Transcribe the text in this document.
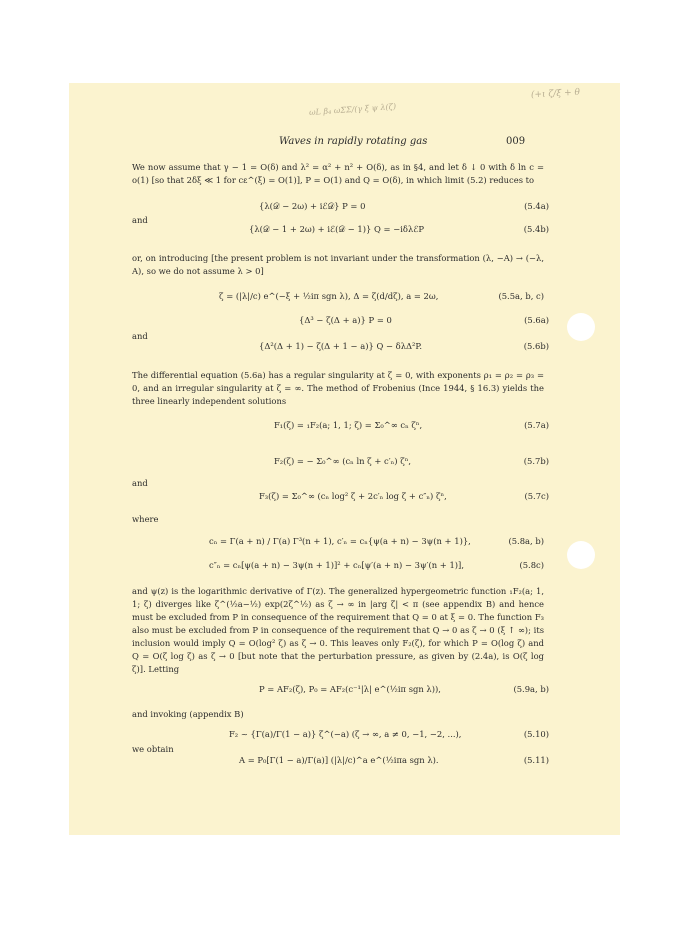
(+ι ζ/ξ + θ
ωL β₄ ωΣΣ/(γ ξ ψ λ(ζ)
Waves in rapidly rotating gas	009
We now assume that γ − 1 = O(δ) and λ² = α² + n² + O(δ), as in §4, and let δ ↓ 0 with δ ln c = o(1) [so that 2δξ ≪ 1 for cε^(ξ) = O(1)], P = O(1) and Q = O(δ), in which limit (5.2) reduces to
{λ(𝒟 − 2ω) + iℰ𝒟} P = 0	(5.4a)
and
{λ(𝒟 − 1 + 2ω) + iℰ(𝒟 − 1)} Q = −iδλℰP	(5.4b)
or, on introducing [the present problem is not invariant under the transformation (λ, −A) → (−λ, A), so we do not assume λ > 0]
ζ = (|λ|/c) e^(−ξ + ½iπ sgn λ), Δ = ζ(d/dζ), a = 2ω,	(5.5a, b, c)
{Δ³ − ζ(Δ + a)} P = 0	(5.6a)
and
{Δ²(Δ + 1) − ζ(Δ + 1 − a)} Q − δλΔ²P.	(5.6b)
The differential equation (5.6a) has a regular singularity at ζ = 0, with exponents ρ₁ = ρ₂ = ρ₃ = 0, and an irregular singularity at ζ = ∞. The method of Frobenius (Ince 1944, § 16.3) yields the three linearly independent solutions
F₁(ζ) = ₁F₂(a; 1, 1; ζ) = Σ₀^∞ cₙ ζⁿ,	(5.7a)
F₂(ζ) = − Σ₀^∞ (cₙ ln ζ + c′ₙ) ζⁿ,	(5.7b)
and
F₃(ζ) = Σ₀^∞ (cₙ log² ζ + 2c′ₙ log ζ + c″ₙ) ζⁿ,	(5.7c)
where
cₙ = Γ(a + n) / Γ(a) Γ³(n + 1), c′ₙ = cₙ{ψ(a + n) − 3ψ(n + 1)},	(5.8a, b)
c″ₙ = cₙ[ψ(a + n) − 3ψ(n + 1)]² + cₙ[ψ′(a + n) − 3ψ′(n + 1)],	(5.8c)
and ψ(z) is the logarithmic derivative of Γ(z). The generalized hypergeometric function ₁F₂(a; 1, 1; ζ) diverges like ζ^(½a−½) exp(2ζ^½) as ζ → ∞ in |arg ζ| < π (see appendix B) and hence must be excluded from P in consequence of the requirement that Q = 0 at ξ = 0. The function F₃ also must be excluded from P in consequence of the requirement that Q → 0 as ζ → 0 (ξ ↑ ∞); its inclusion would imply Q = O(log² ζ) as ζ → 0. This leaves only F₂(ζ), for which P = O(log ζ) and Q = O(ζ log ζ) as ζ → 0 [but note that the perturbation pressure, as given by (2.4a), is O(ζ log ζ)]. Letting
P = AF₂(ζ), P₀ = AF₂(c⁻¹|λ| e^(½iπ sgn λ)),	(5.9a, b)
and invoking (appendix B)
F₂ ~ {Γ(a)/Γ(1 − a)} ζ^(−a) (ζ → ∞, a ≠ 0, −1, −2, ...),	(5.10)
we obtain
A = P₀[Γ(1 − a)/Γ(a)] (|λ|/c)^a e^(½iπa sgn λ).	(5.11)
